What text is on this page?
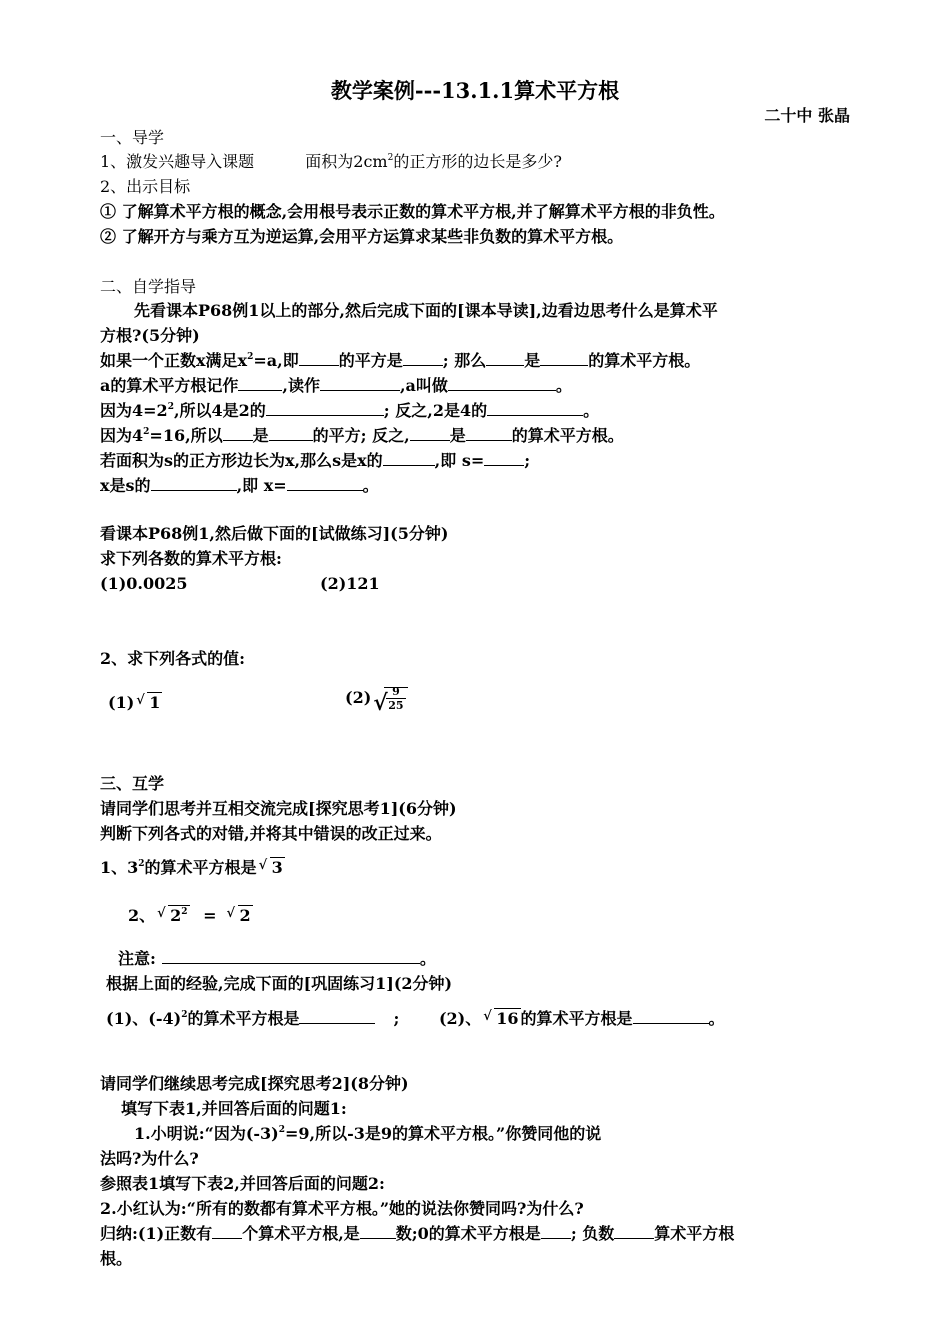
教学案例---13.1.1算术平方根
二十中 张晶
一、导学
1、激发兴趣导入课题	面积为$2cm^2$的正方形的边长是多少?
2、出示目标
① 了解算术平方根的概念,会用根号表示正数的算术平方根,并了解算术平方根的非负性。
② 了解开方与乘方互为逆运算,会用平方运算求某些非负数的算术平方根。
二、自学指导
先看课本P68例1以上的部分,然后完成下面的[课本导读],边看边思考什么是算术平
方根?(5分钟)
如果一个正数x满足$x^2=a$,即	的平方是	; 那么 是	的算术平方根。
a的算术平方根记作	,读作	,a叫做	。
因为$4=2^2$,所以4是2的	; 反之,2是4的	。
因为$4^2=16$,所以 是	的平方; 反之,	是	的算术平方根。
若面积为s的正方形边长为x,那么s是x的	,即 s=	;
x是s的	,即 x=	。
看课本P68例1,然后做下面的[试做练习](5分钟)
求下列各数的算术平方根:
(1)0.0025	(2)121
2、求下列各式的值:
(1) √ 1	(2) √
$\frac{9}{25}$
三、互学
请同学们思考并互相交流完成[探究思考1](6分钟)
判断下列各式的对错,并将其中错误的改正过来。
1、$3^2$的算术平方根是 √ 3
2、 √ $2^2$ = √ 2
注意:	。
根据上面的经验,完成下面的[巩固练习1](2分钟)
(1)、$(-4)^2$的算术平方根是	; (2)、 √ 16 的算术平方根是	。
请同学们继续思考完成[探究思考2](8分钟)
填写下表1,并回答后面的问题1:
1.小明说:“因为$(-3)^2=9$,所以-3是9的算术平方根。”你赞同他的说
法吗?为什么?
参照表1填写下表2,并回答后面的问题2:
2.小红认为:“所有的数都有算术平方根。”她的说法你赞同吗?为什么?
归纳:(1)正数有 个算术平方根,是 数;0的算术平方根是 ; 负数	算术平方根
根。
